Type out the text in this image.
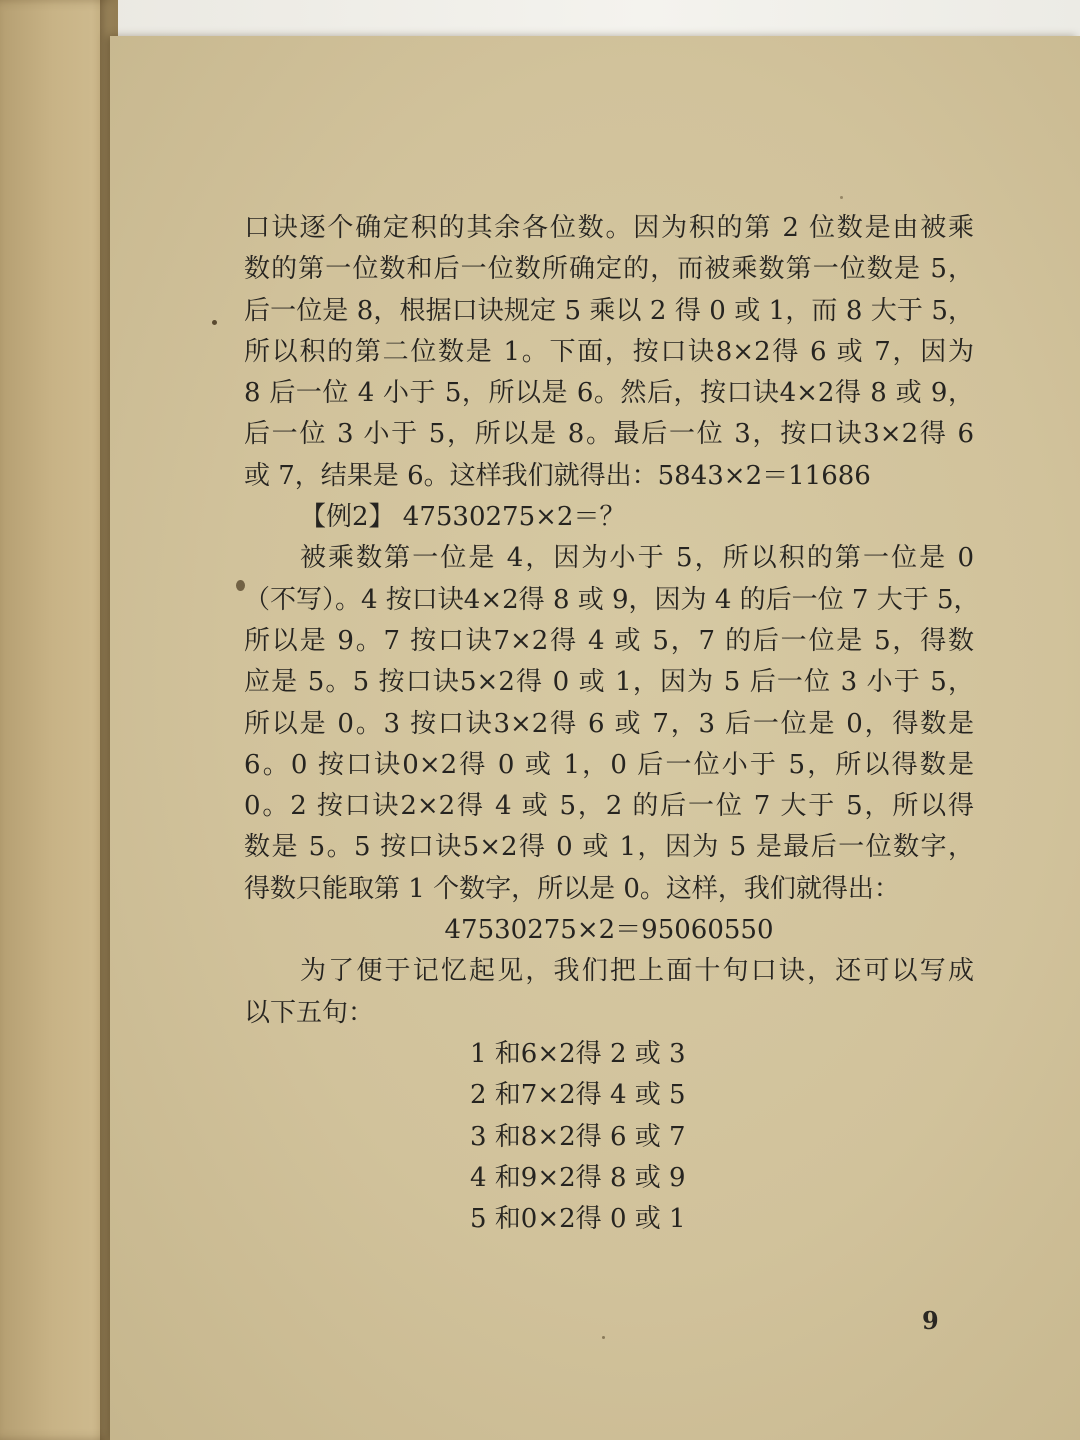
口诀逐个确定积的其余各位数。因为积的第 2 位数是由被乘
数的第一位数和后一位数所确定的，而被乘数第一位数是 5，
后一位是 8，根据口诀规定 5 乘以 2 得 0 或 1，而 8 大于 5，
所以积的第二位数是 1。下面，按口诀8×2得 6 或 7，因为
8 后一位 4 小于 5，所以是 6。然后，按口诀4×2得 8 或 9，
后一位 3 小于 5，所以是 8。最后一位 3，按口诀3×2得 6
或 7，结果是 6。这样我们就得出：5843×2＝11686
【例2】 47530275×2＝？
被乘数第一位是 4，因为小于 5，所以积的第一位是 0
（不写）。4 按口诀4×2得 8 或 9，因为 4 的后一位 7 大于 5，
所以是 9。7 按口诀7×2得 4 或 5，7 的后一位是 5，得数
应是 5。5 按口诀5×2得 0 或 1，因为 5 后一位 3 小于 5，
所以是 0。3 按口诀3×2得 6 或 7，3 后一位是 0，得数是
6。0 按口诀0×2得 0 或 1，0 后一位小于 5，所以得数是
0。2 按口诀2×2得 4 或 5，2 的后一位 7 大于 5，所以得
数是 5。5 按口诀5×2得 0 或 1，因为 5 是最后一位数字，
得数只能取第 1 个数字，所以是 0。这样，我们就得出：
47530275×2＝95060550
为了便于记忆起见，我们把上面十句口诀，还可以写成
以下五句：
1 和6×2得 2 或 3
2 和7×2得 4 或 5
3 和8×2得 6 或 7
4 和9×2得 8 或 9
5 和0×2得 0 或 1
9
